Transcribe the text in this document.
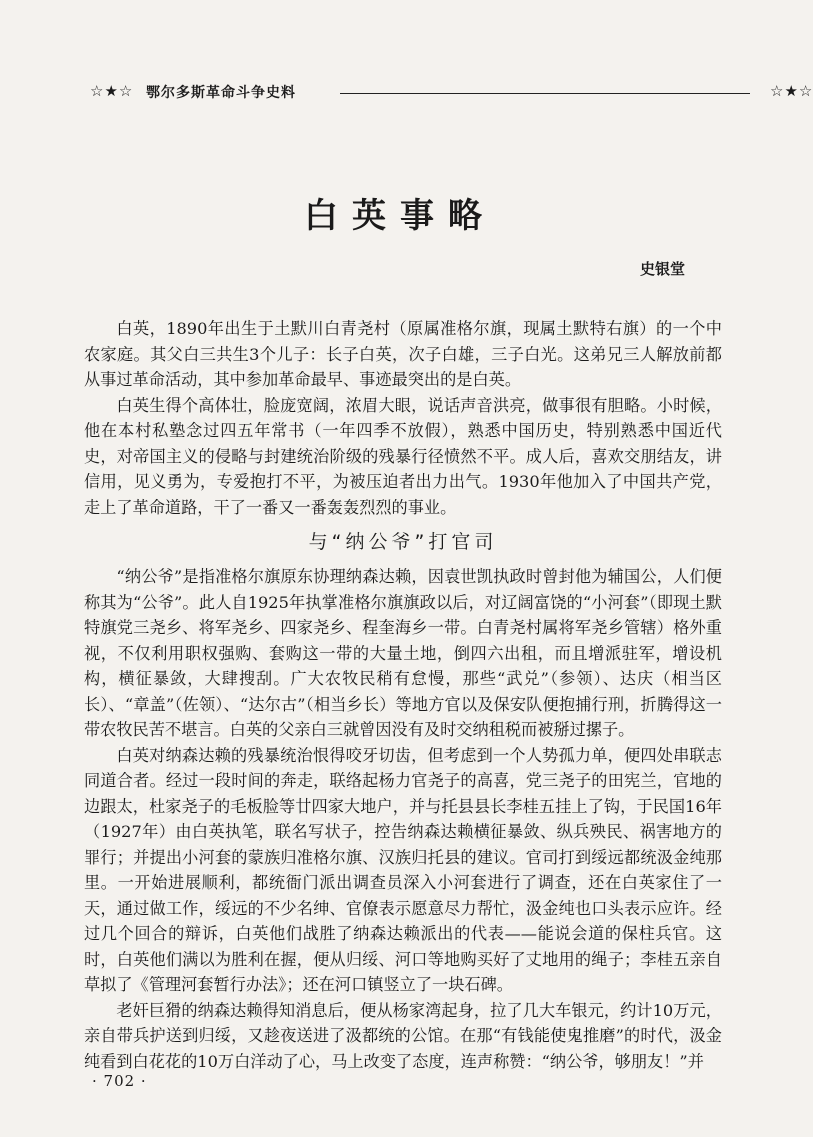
☆★☆ 鄂尔多斯革命斗争史料	☆★☆
白英事略
史银堂

白英，1890年出生于土默川白青尧村（原属准格尔旗，现属土默特右旗）的一个中农家庭。其父白三共生3个儿子：长子白英，次子白雄，三子白光。这弟兄三人解放前都从事过革命活动，其中参加革命最早、事迹最突出的是白英。

白英生得个高体壮，脸庞宽阔，浓眉大眼，说话声音洪亮，做事很有胆略。小时候，他在本村私塾念过四五年常书（一年四季不放假），熟悉中国历史，特别熟悉中国近代史，对帝国主义的侵略与封建统治阶级的残暴行径愤然不平。成人后，喜欢交朋结友，讲信用，见义勇为，专爱抱打不平，为被压迫者出力出气。1930年他加入了中国共产党，走上了革命道路，干了一番又一番轰轰烈烈的事业。

与“纳公爷”打官司

“纳公爷”是指准格尔旗原东协理纳森达赖，因袁世凯执政时曾封他为辅国公，人们便称其为“公爷”。此人自1925年执掌准格尔旗旗政以后，对辽阔富饶的“小河套”（即现土默特旗党三尧乡、将军尧乡、四家尧乡、程奎海乡一带。白青尧村属将军尧乡管辖）格外重视，不仅利用职权强购、套购这一带的大量土地，倒四六出租，而且增派驻军，增设机构，横征暴敛，大肆搜刮。广大农牧民稍有怠慢，那些“武兑”（参领）、达庆（相当区长）、“章盖”（佐领）、“达尔古”（相当乡长）等地方官以及保安队便抱捕行刑，折腾得这一带农牧民苦不堪言。白英的父亲白三就曾因没有及时交纳租税而被掰过摞子。

白英对纳森达赖的残暴统治恨得咬牙切齿，但考虑到一个人势孤力单，便四处串联志同道合者。经过一段时间的奔走，联络起杨力官尧子的高喜，党三尧子的田宪兰，官地的边跟太，杜家尧子的毛板脸等廿四家大地户，并与托县县长李桂五挂上了钩，于民国16年（1927年）由白英执笔，联名写状子，控告纳森达赖横征暴敛、纵兵殃民、祸害地方的罪行；并提出小河套的蒙族归准格尔旗、汉族归托县的建议。官司打到绥远都统汲金纯那里。一开始进展顺利，都统衙门派出调查员深入小河套进行了调查，还在白英家住了一天，通过做工作，绥远的不少名绅、官僚表示愿意尽力帮忙，汲金纯也口头表示应许。经过几个回合的辩诉，白英他们战胜了纳森达赖派出的代表——能说会道的保柱兵官。这时，白英他们满以为胜利在握，便从归绥、河口等地购买好了丈地用的绳子；李桂五亲自草拟了《管理河套暂行办法》；还在河口镇竖立了一块石碑。

老奸巨猾的纳森达赖得知消息后，便从杨家湾起身，拉了几大车银元，约计10万元，亲自带兵护送到归绥，又趁夜送进了汲都统的公馆。在那“有钱能使鬼推磨”的时代，汲金纯看到白花花的10万白洋动了心，马上改变了态度，连声称赞：“纳公爷，够朋友！”并

· 702 ·
